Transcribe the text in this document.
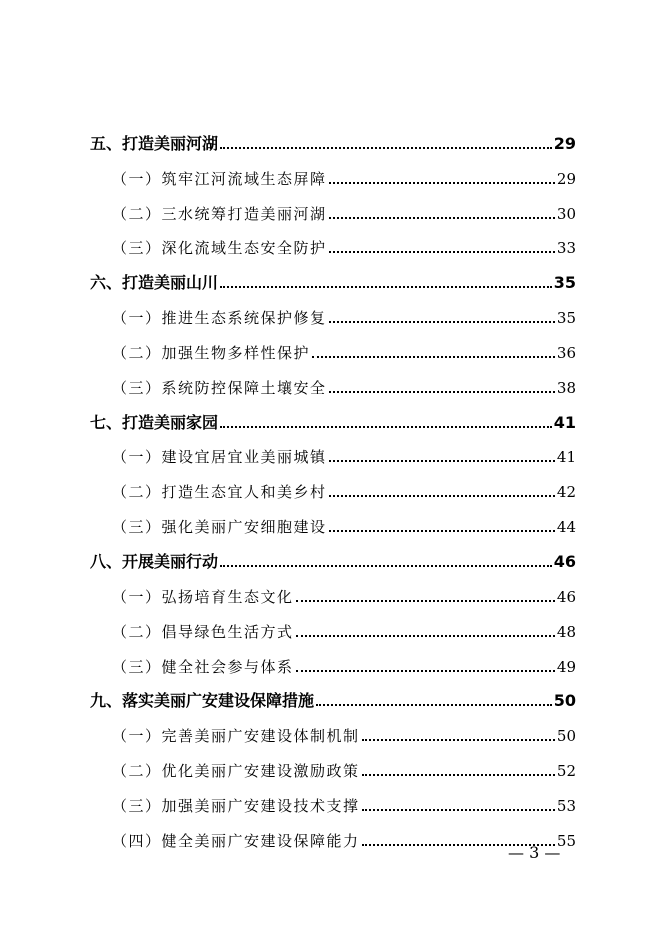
五、打造美丽河湖	29
（一）筑牢江河流域生态屏障	29
（二）三水统筹打造美丽河湖	30
（三）深化流域生态安全防护	33
六、打造美丽山川	35
（一）推进生态系统保护修复	35
（二）加强生物多样性保护	36
（三）系统防控保障土壤安全	38
七、打造美丽家园	41
（一）建设宜居宜业美丽城镇	41
（二）打造生态宜人和美乡村	42
（三）强化美丽广安细胞建设	44
八、开展美丽行动	46
（一）弘扬培育生态文化	46
（二）倡导绿色生活方式	48
（三）健全社会参与体系	49
九、落实美丽广安建设保障措施	50
（一）完善美丽广安建设体制机制	50
（二）优化美丽广安建设激励政策	52
（三）加强美丽广安建设技术支撑	53
（四）健全美丽广安建设保障能力	55
— 3 —
